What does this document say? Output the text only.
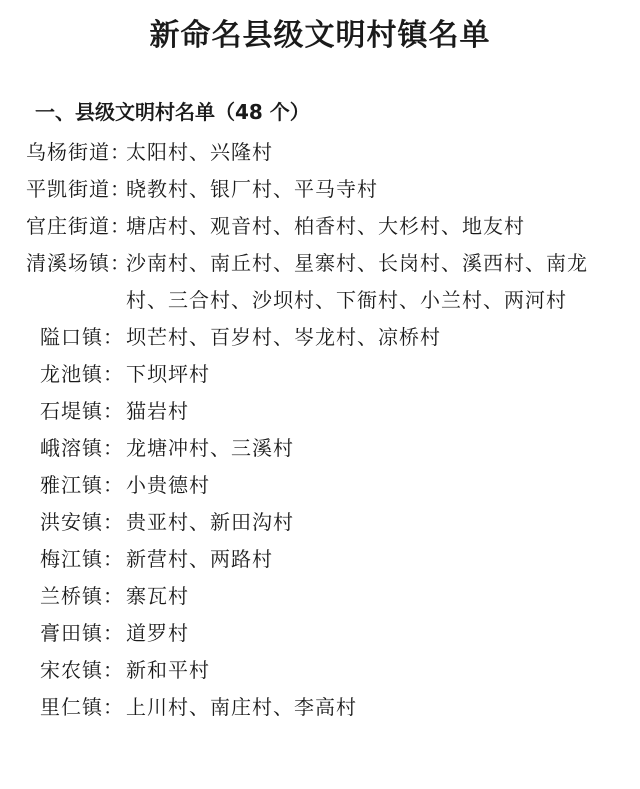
新命名县级文明村镇名单
一、县级文明村名单（48 个）
乌杨街道：
太阳村、兴隆村
平凯街道：
晓教村、银厂村、平马寺村
官庄街道：
塘店村、观音村、柏香村、大杉村、地友村
清溪场镇：
沙南村、南丘村、星寨村、长岗村、溪西村、南龙村、三合村、沙坝村、下衙村、小兰村、两河村
隘口镇： 坝芒村、百岁村、岑龙村、凉桥村
龙池镇： 下坝坪村
石堤镇： 猫岩村
峨溶镇： 龙塘冲村、三溪村
雅江镇： 小贵德村
洪安镇： 贵亚村、新田沟村
梅江镇： 新营村、两路村
兰桥镇： 寨瓦村
膏田镇： 道罗村
宋农镇： 新和平村
里仁镇： 上川村、南庄村、李高村
